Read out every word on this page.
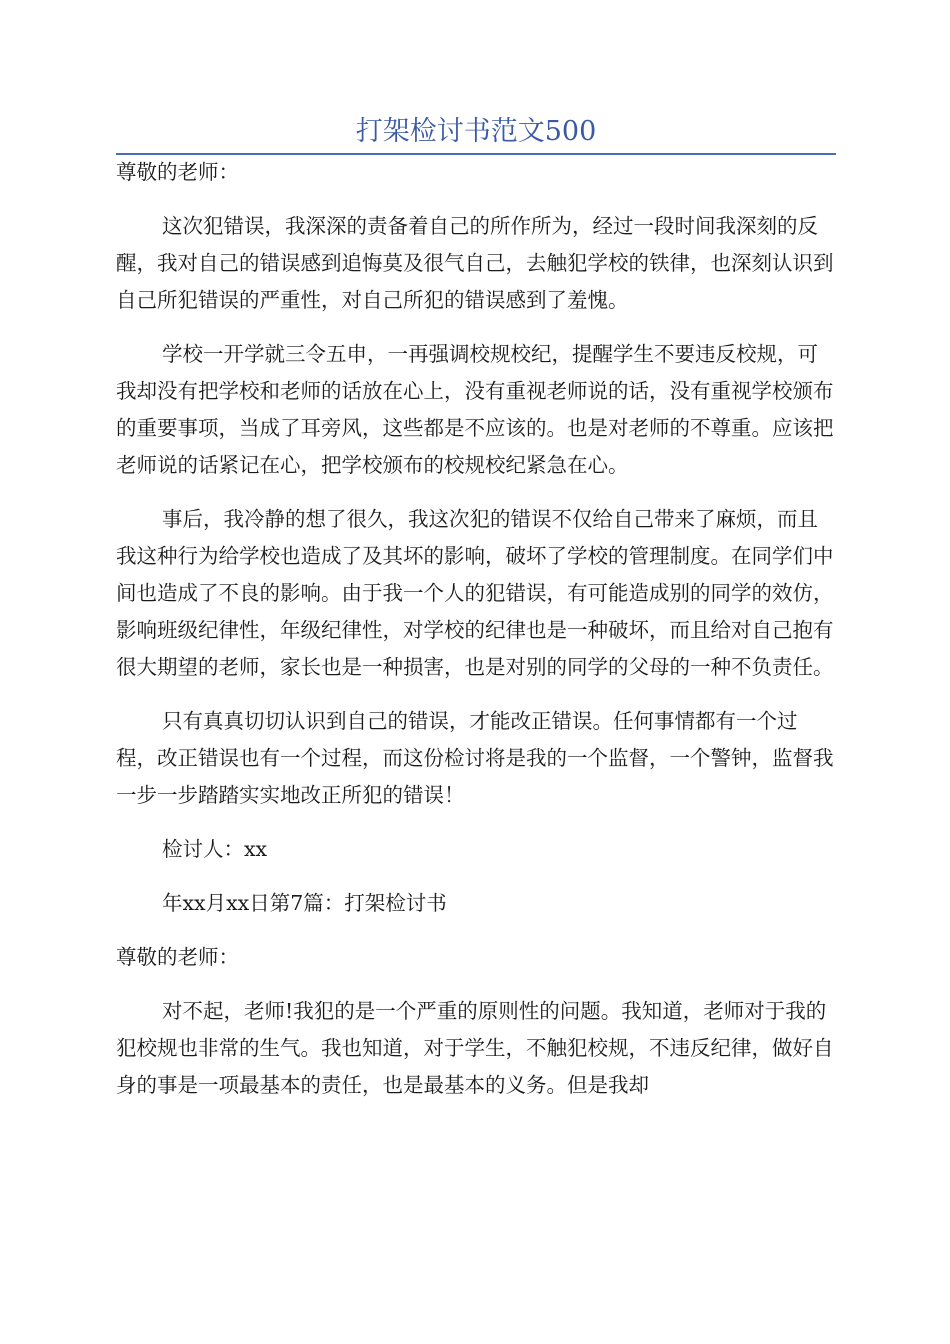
打架检讨书范文500

尊敬的老师：

这次犯错误，我深深的责备着自己的所作所为，经过一段时间我深刻的反醒，我对自己的错误感到追悔莫及很气自己，去触犯学校的铁律，也深刻认识到自己所犯错误的严重性，对自己所犯的错误感到了羞愧。

学校一开学就三令五申，一再强调校规校纪，提醒学生不要违反校规，可我却没有把学校和老师的话放在心上，没有重视老师说的话，没有重视学校颁布的重要事项，当成了耳旁风，这些都是不应该的。也是对老师的不尊重。应该把老师说的话紧记在心，把学校颁布的校规校纪紧急在心。

事后，我冷静的想了很久，我这次犯的错误不仅给自己带来了麻烦，而且我这种行为给学校也造成了及其坏的影响，破坏了学校的管理制度。在同学们中间也造成了不良的影响。由于我一个人的犯错误，有可能造成别的同学的效仿，影响班级纪律性，年级纪律性，对学校的纪律也是一种破坏，而且给对自己抱有很大期望的老师，家长也是一种损害，也是对别的同学的父母的一种不负责任。

只有真真切切认识到自己的错误，才能改正错误。任何事情都有一个过程，改正错误也有一个过程，而这份检讨将是我的一个监督，一个警钟，监督我一步一步踏踏实实地改正所犯的错误！

检讨人：xx

年xx月xx日第7篇：打架检讨书

尊敬的老师：

对不起，老师!我犯的是一个严重的原则性的问题。我知道，老师对于我的犯校规也非常的生气。我也知道，对于学生，不触犯校规，不违反纪律，做好自身的事是一项最基本的责任，也是最基本的义务。但是我却
